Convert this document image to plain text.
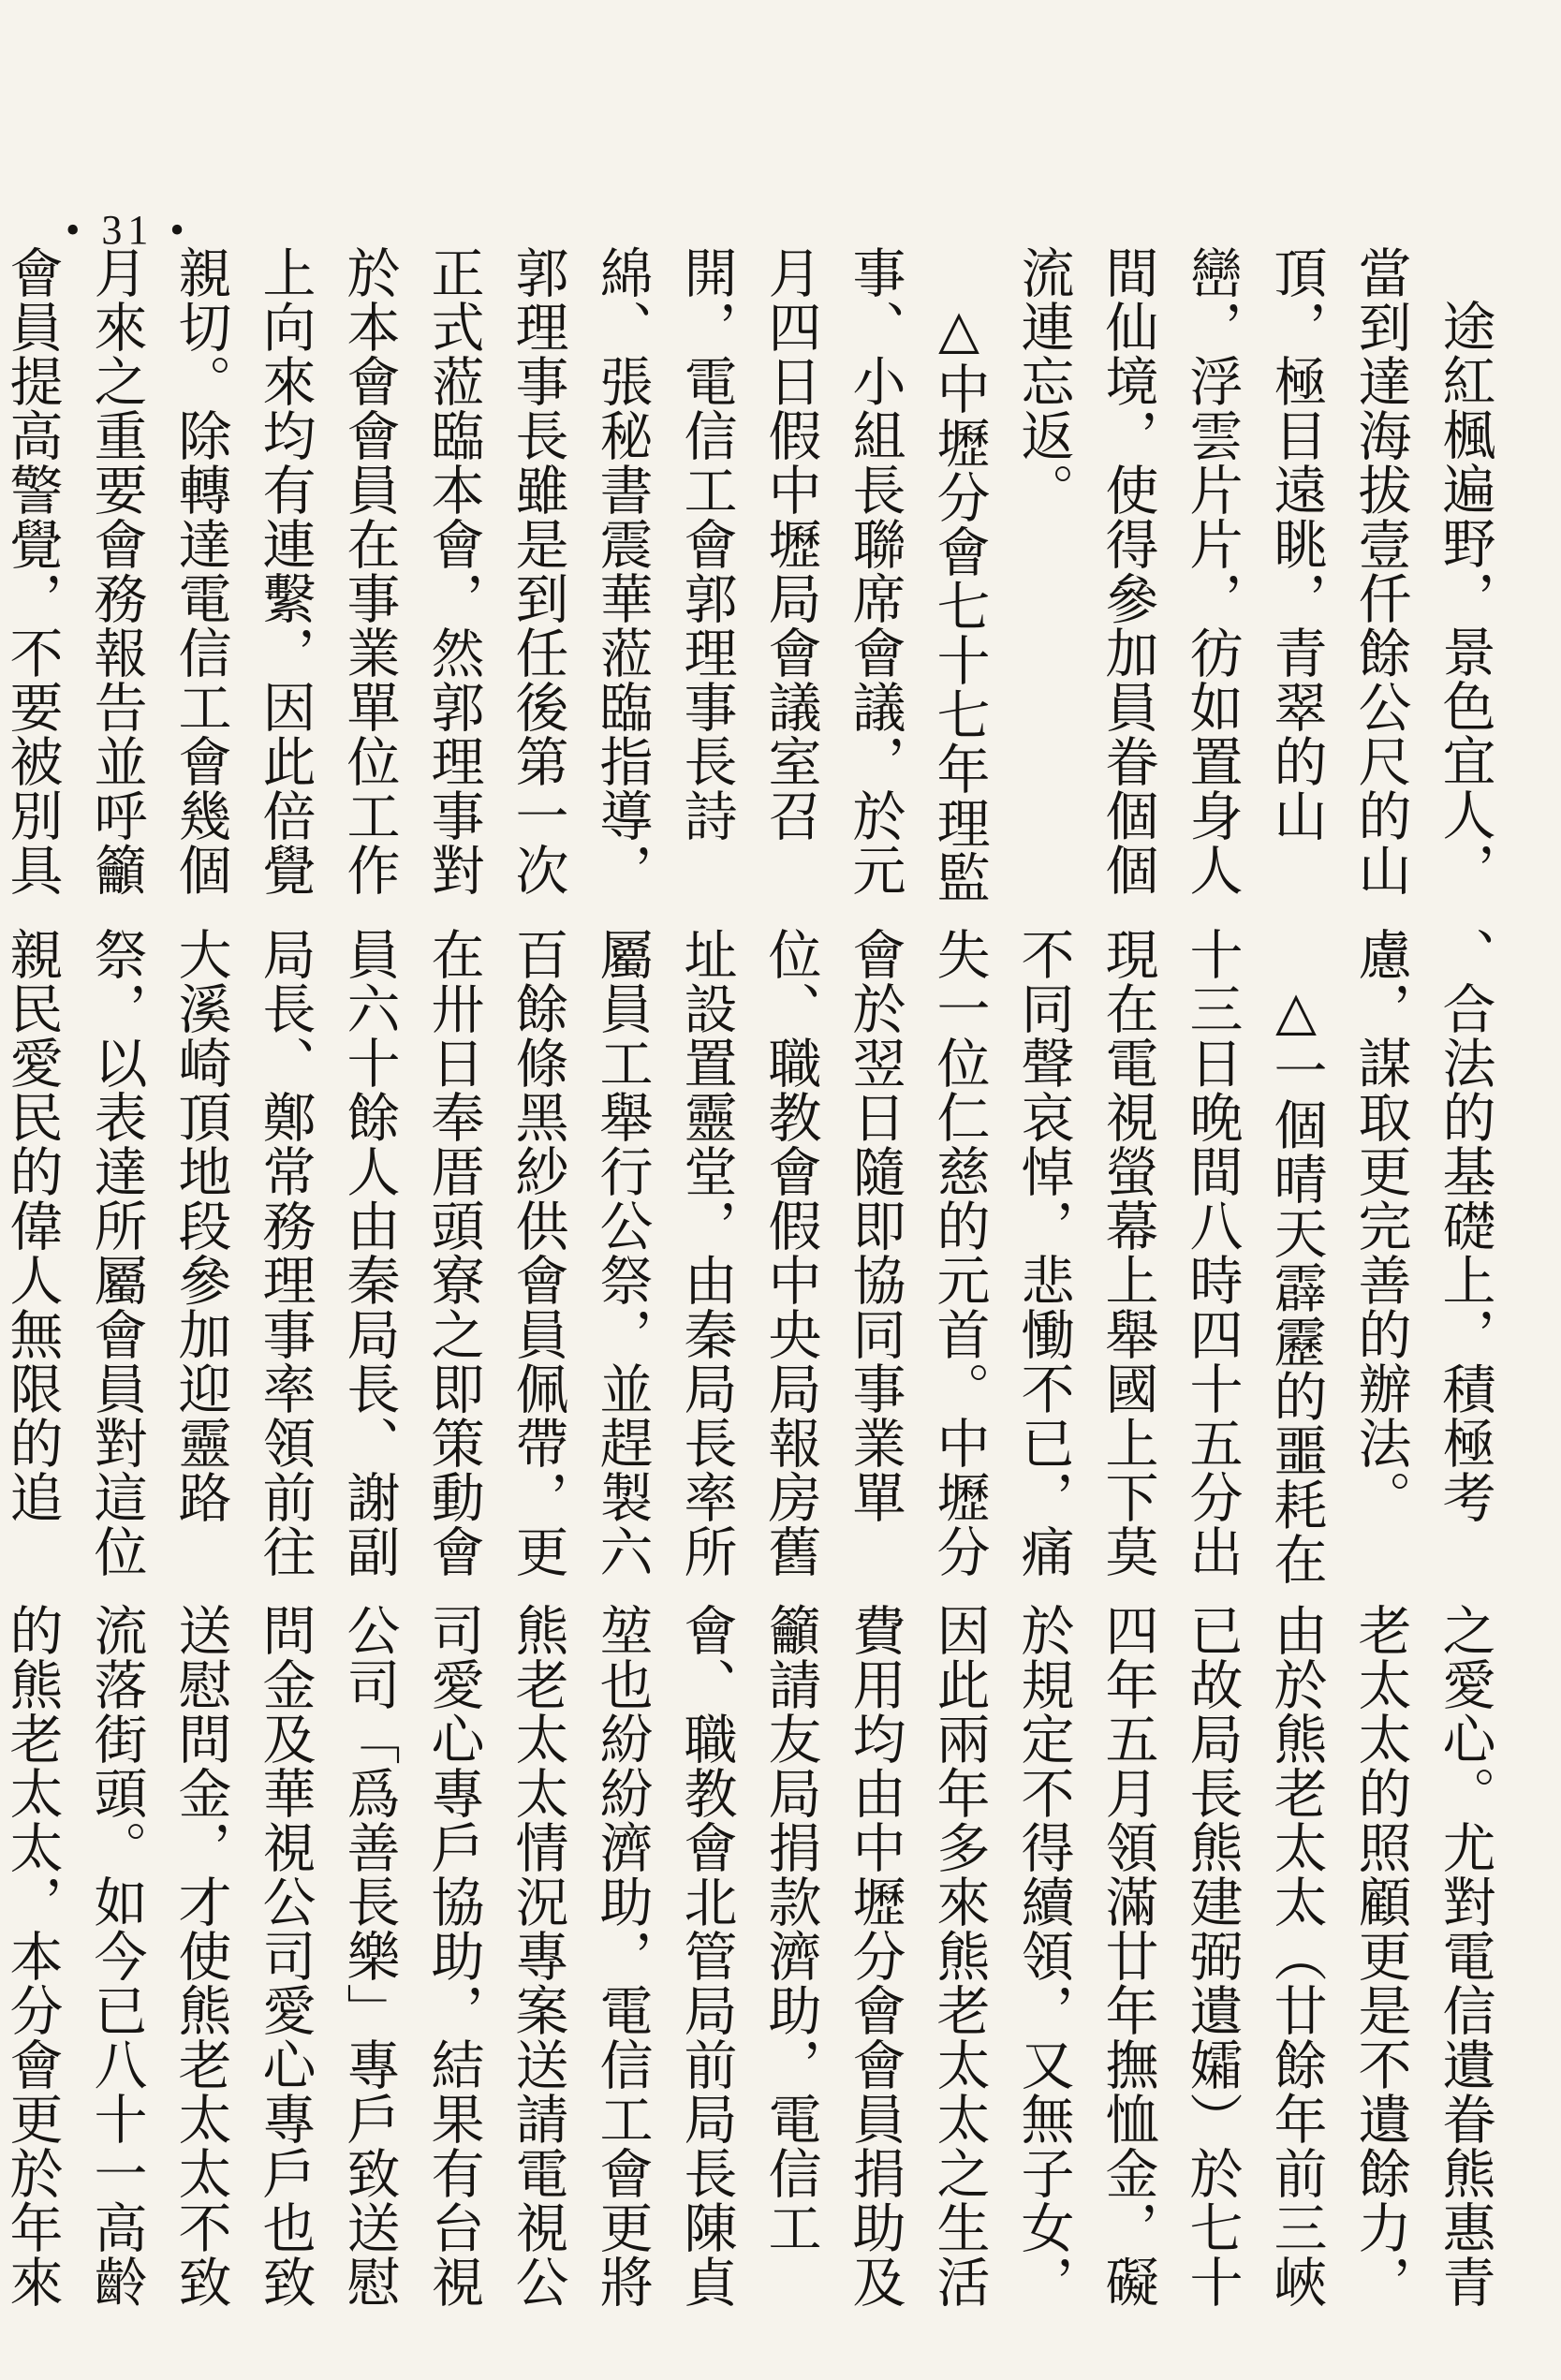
• 31 •

途紅楓遍野，景色宜人，當到達海拔壹仟餘公尺的山頂，極目遠眺，青翠的山巒，浮雲片片，彷如置身人間仙境，使得參加員眷個個流連忘返。

△中壢分會七十七年理監事、小組長聯席會議，於元月四日假中壢局會議室召開，電信工會郭理事長詩綿、張秘書震華蒞臨指導，郭理事長雖是到任後第一次正式蒞臨本會，然郭理事對於本會會員在事業單位工作上向來均有連繫，因此倍覺親切。除轉達電信工會幾個月來之重要會務報告並呼籲會員提高警覺，不要被別具

、合法的基礎上，積極考慮，謀取更完善的辦法。

△一個晴天霹靂的噩耗在十三日晚間八時四十五分出現在電視螢幕上舉國上下莫不同聲哀悼，悲慟不已，痛失一位仁慈的元首。中壢分會於翌日隨即協同事業單位、職教會假中央局報房舊址設置靈堂，由秦局長率所屬員工舉行公祭，並趕製六百餘條黑紗供會員佩帶，更在卅日奉厝頭寮之即策動會員六十餘人由秦局長、謝副局長、鄭常務理事率領前往大溪崎頂地段參加迎靈路祭，以表達所屬會員對這位親民愛民的偉人無限的追

之愛心。尤對電信遺眷熊惠青老太太的照顧更是不遺餘力，由於熊老太太（廿餘年前三峽已故局長熊建弼遺孀）於七十四年五月領滿廿年撫恤金，礙於規定不得續領，又無子女，因此兩年多來熊老太太之生活費用均由中壢分會會員捐助及籲請友局捐款濟助，電信工會、職教會北管局前局長陳貞堃也紛紛濟助，電信工會更將熊老太太情況專案送請電視公司愛心專戶協助，結果有台視公司「爲善長樂」專戶致送慰問金及華視公司愛心專戶也致送慰問金，才使熊老太太不致流落街頭。如今已八十一高齡的熊老太太，本分會更於年來
